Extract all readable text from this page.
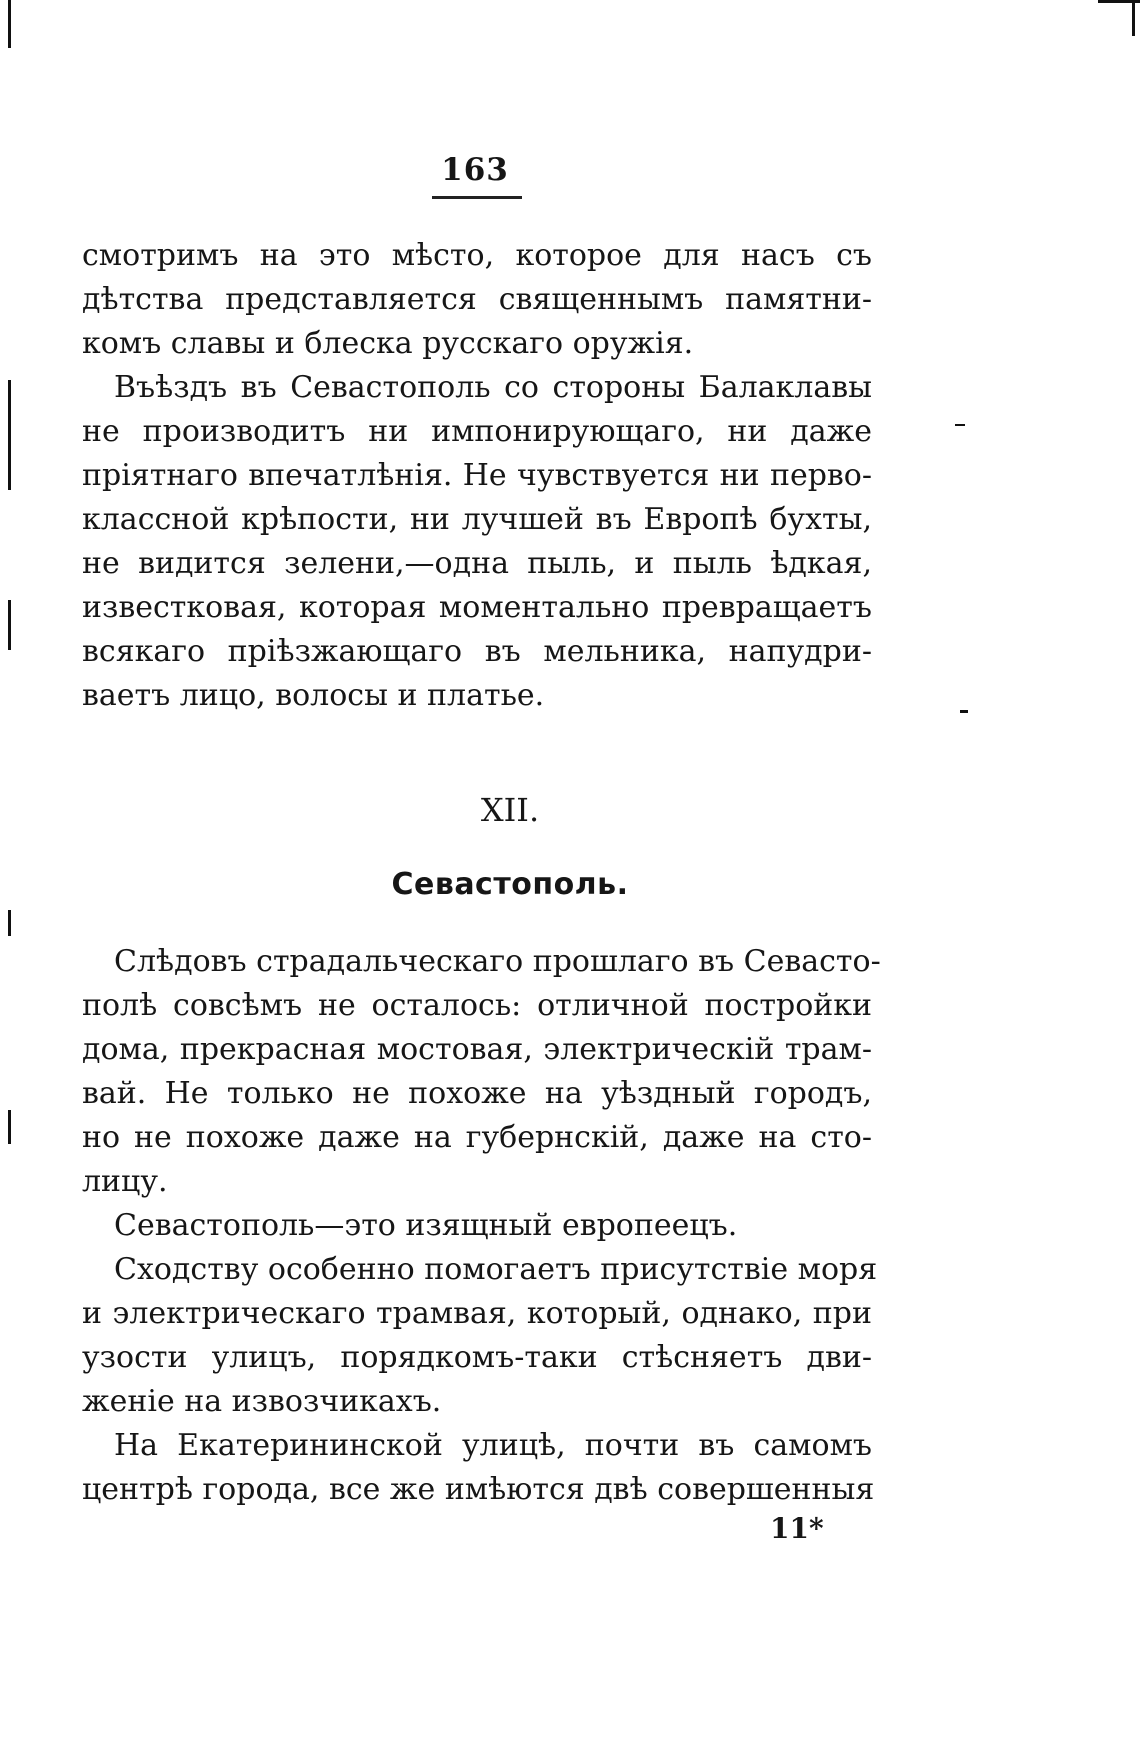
163
смотримъ на это мѣсто, которое для насъ съ
дѣтства представляется священнымъ памятни-
комъ славы и блеска русскаго оружія.
Въѣздъ въ Севастополь со стороны Балаклавы
не производитъ ни импонирующаго, ни даже
пріятнаго впечатлѣнія. Не чувствуется ни перво-
классной крѣпости, ни лучшей въ Европѣ бухты,
не видится зелени,—одна пыль, и пыль ѣдкая,
известковая, которая моментально превращаетъ
всякаго пріѣзжающаго въ мельника, напудри-
ваетъ лицо, волосы и платье.
XII.
Севастополь.
Слѣдовъ страдальческаго прошлаго въ Севасто-
полѣ совсѣмъ не осталось: отличной постройки
дома, прекрасная мостовая, электрическій трам-
вай. Не только не похоже на уѣздный городъ,
но не похоже даже на губернскій, даже на сто-
лицу.
Севастополь—это изящный европеецъ.
Сходству особенно помогаетъ присутствіе моря
и электрическаго трамвая, который, однако, при
узости улицъ, порядкомъ-таки стѣсняетъ дви-
женіе на извозчикахъ.
На Екатерининской улицѣ, почти въ самомъ
центрѣ города, все же имѣются двѣ совершенныя
11*
